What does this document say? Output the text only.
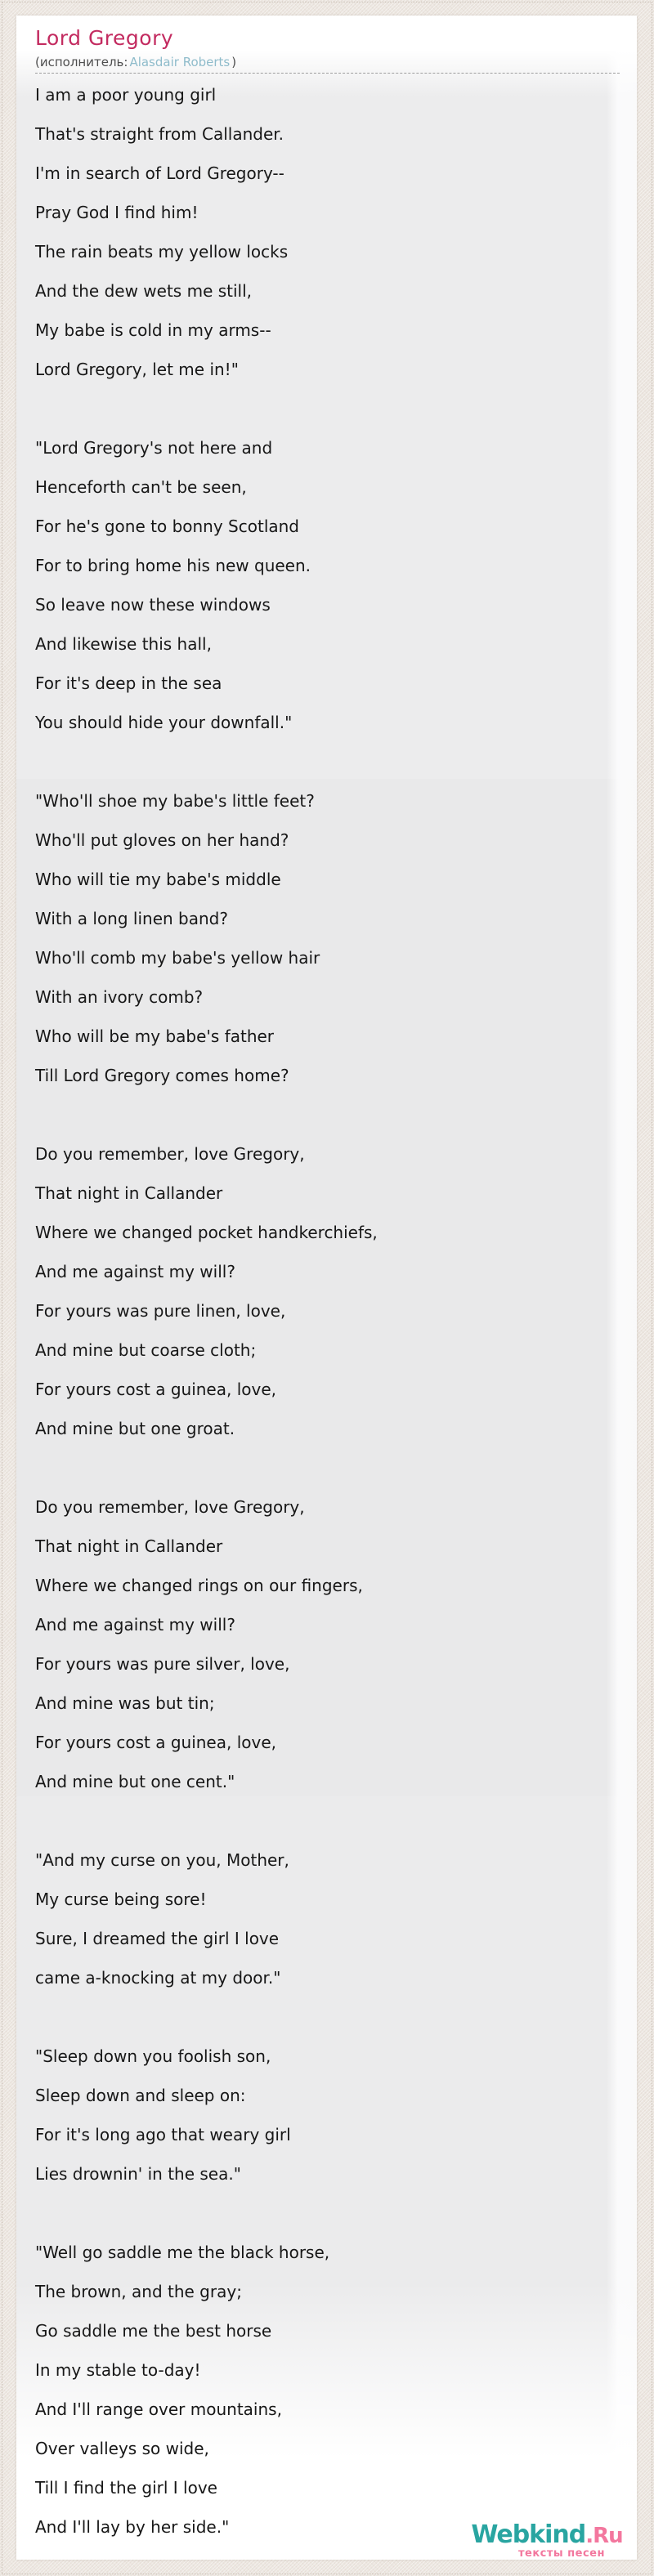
Lord Gregory
(исполнитель: Alasdair Roberts )
I am a poor young girl
That's straight from Callander.
I'm in search of Lord Gregory--
Pray God I find him!
The rain beats my yellow locks
And the dew wets me still,
My babe is cold in my arms--
Lord Gregory, let me in!"
"Lord Gregory's not here and
Henceforth can't be seen,
For he's gone to bonny Scotland
For to bring home his new queen.
So leave now these windows
And likewise this hall,
For it's deep in the sea
You should hide your downfall."
"Who'll shoe my babe's little feet?
Who'll put gloves on her hand?
Who will tie my babe's middle
With a long linen band?
Who'll comb my babe's yellow hair
With an ivory comb?
Who will be my babe's father
Till Lord Gregory comes home?
Do you remember, love Gregory,
That night in Callander
Where we changed pocket handkerchiefs,
And me against my will?
For yours was pure linen, love,
And mine but coarse cloth;
For yours cost a guinea, love,
And mine but one groat.
Do you remember, love Gregory,
That night in Callander
Where we changed rings on our fingers,
And me against my will?
For yours was pure silver, love,
And mine was but tin;
For yours cost a guinea, love,
And mine but one cent."
"And my curse on you, Mother,
My curse being sore!
Sure, I dreamed the girl I love
came a-knocking at my door."
"Sleep down you foolish son,
Sleep down and sleep on:
For it's long ago that weary girl
Lies drownin' in the sea."
"Well go saddle me the black horse,
The brown, and the gray;
Go saddle me the best horse
In my stable to-day!
And I'll range over mountains,
Over valleys so wide,
Till I find the girl I love
And I'll lay by her side."	Webkind.Ru
тексты песен
